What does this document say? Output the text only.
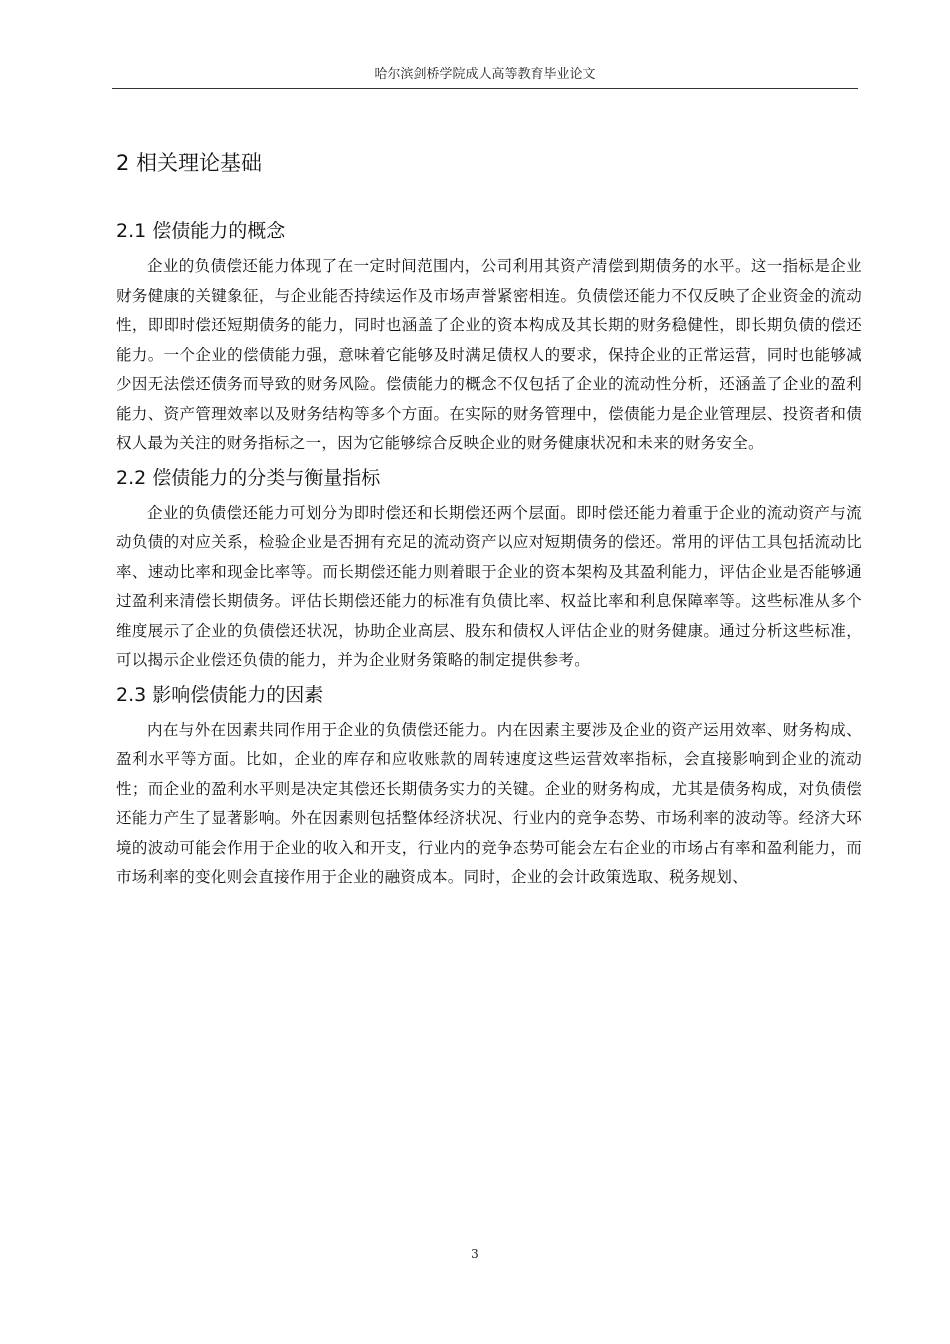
哈尔滨剑桥学院成人高等教育毕业论文
2 相关理论基础
2.1 偿债能力的概念

企业的负债偿还能力体现了在一定时间范围内，公司利用其资产清偿到期债务的水平。这一指标是企业财务健康的关键象征，与企业能否持续运作及市场声誉紧密相连。负债偿还能力不仅反映了企业资金的流动性，即即时偿还短期债务的能力，同时也涵盖了企业的资本构成及其长期的财务稳健性，即长期负债的偿还能力。一个企业的偿债能力强，意味着它能够及时满足债权人的要求，保持企业的正常运营，同时也能够减少因无法偿还债务而导致的财务风险。偿债能力的概念不仅包括了企业的流动性分析，还涵盖了企业的盈利能力、资产管理效率以及财务结构等多个方面。在实际的财务管理中，偿债能力是企业管理层、投资者和债权人最为关注的财务指标之一，因为它能够综合反映企业的财务健康状况和未来的财务安全。

2.2 偿债能力的分类与衡量指标

企业的负债偿还能力可划分为即时偿还和长期偿还两个层面。即时偿还能力着重于企业的流动资产与流动负债的对应关系，检验企业是否拥有充足的流动资产以应对短期债务的偿还。常用的评估工具包括流动比率、速动比率和现金比率等。而长期偿还能力则着眼于企业的资本架构及其盈利能力，评估企业是否能够通过盈利来清偿长期债务。评估长期偿还能力的标准有负债比率、权益比率和利息保障率等。这些标准从多个维度展示了企业的负债偿还状况，协助企业高层、股东和债权人评估企业的财务健康。通过分析这些标准，可以揭示企业偿还负债的能力，并为企业财务策略的制定提供参考。

2.3 影响偿债能力的因素

内在与外在因素共同作用于企业的负债偿还能力。内在因素主要涉及企业的资产运用效率、财务构成、盈利水平等方面。比如，企业的库存和应收账款的周转速度这些运营效率指标，会直接影响到企业的流动性；而企业的盈利水平则是决定其偿还长期债务实力的关键。企业的财务构成，尤其是债务构成，对负债偿还能力产生了显著影响。外在因素则包括整体经济状况、行业内的竞争态势、市场利率的波动等。经济大环境的波动可能会作用于企业的收入和开支，行业内的竞争态势可能会左右企业的市场占有率和盈利能力，而市场利率的变化则会直接作用于企业的融资成本。同时，企业的会计政策选取、税务规划、

3
